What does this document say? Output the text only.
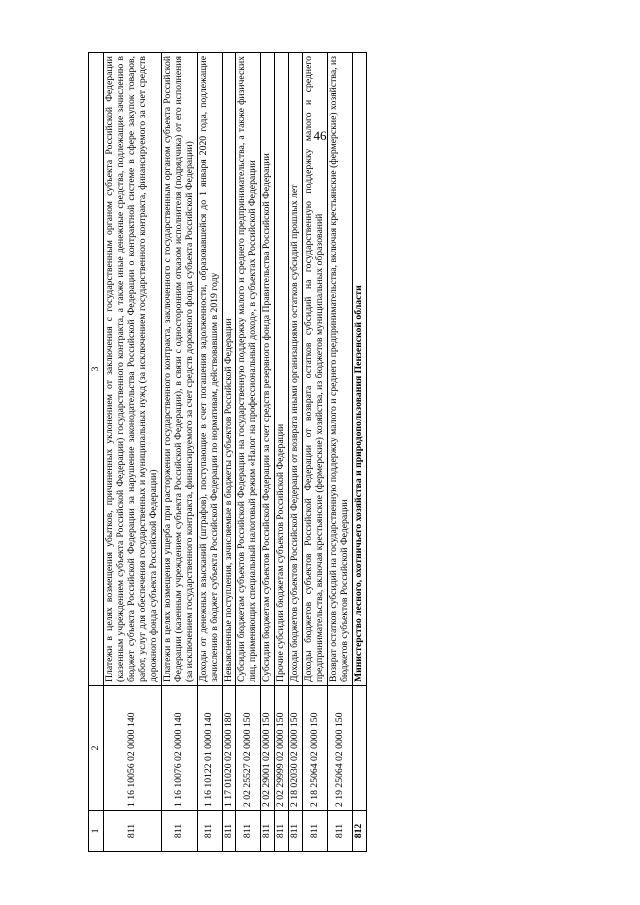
46
1	2	3
811	1 16 10056 02 0000 140	Платежи в целях возмещения убытков, причиненных уклонением от заключения с государственным органом субъекта Российской Федерации (казенным учреждением субъекта Российской Федерации) государственного контракта, а также иные денежные средства, подлежащие зачислению в бюджет субъекта Российской Федерации за нарушение законодательства Российской Федерации о контрактной системе в сфере закупок товаров, работ, услуг для обеспечения государственных и муниципальных нужд (за исключением государственного контракта, финансируемого за счет средств дорожного фонда субъекта Российской Федерации)
811	1 16 10076 02 0000 140	Платежи в целях возмещения ущерба при расторжении государственного контракта, заключенного с государственным органом субъекта Российской Федерации (казенным учреждением субъекта Российской Федерации), в связи с односторонним отказом исполнителя (подрядчика) от его исполнения (за исключением государственного контракта, финансируемого за счет средств дорожного фонда субъекта Российской Федерации)
811	1 16 10122 01 0000 140	Доходы от денежных взысканий (штрафов), поступающие в счет погашения задолженности, образовавшейся до 1 января 2020 года, подлежащие зачислению в бюджет субъекта Российской Федерации по нормативам, действовавшим в 2019 году
811	1 17 01020 02 0000 180	Невыясненные поступления, зачисляемые в бюджеты субъектов Российской Федерации
811	2 02 25527 02 0000 150	Субсидии бюджетам субъектов Российской Федерации на государственную поддержку малого и среднего предпринимательства, а также физических лиц, применяющих специальный налоговый режим «Налог на профессиональный доход», в субъектах Российской Федерации
811	2 02 29001 02 0000 150	Субсидии бюджетам субъектов Российской Федерации за счет средств резервного фонда Правительства Российской Федерации
811	2 02 29999 02 0000 150	Прочие субсидии бюджетам субъектов Российской Федерации
811	2 18 02030 02 0000 150	Доходы бюджетов субъектов Российской Федерации от возврата иными организациями остатков субсидий прошлых лет
811	2 18 25064 02 0000 150	Доходы бюджетов субъектов Российской Федерации от возврата остатков субсидий на государственную поддержку малого и среднего предпринимательства, включая крестьянские (фермерские) хозяйства, из бюджетов муниципальных образований
811	2 19 25064 02 0000 150	Возврат остатков субсидий на государственную поддержку малого и среднего предпринимательства, включая крестьянские (фермерские) хозяйства, из бюджетов субъектов Российской Федерации
812		Министерство лесного, охотничьего хозяйства и природопользования Пензенской области
